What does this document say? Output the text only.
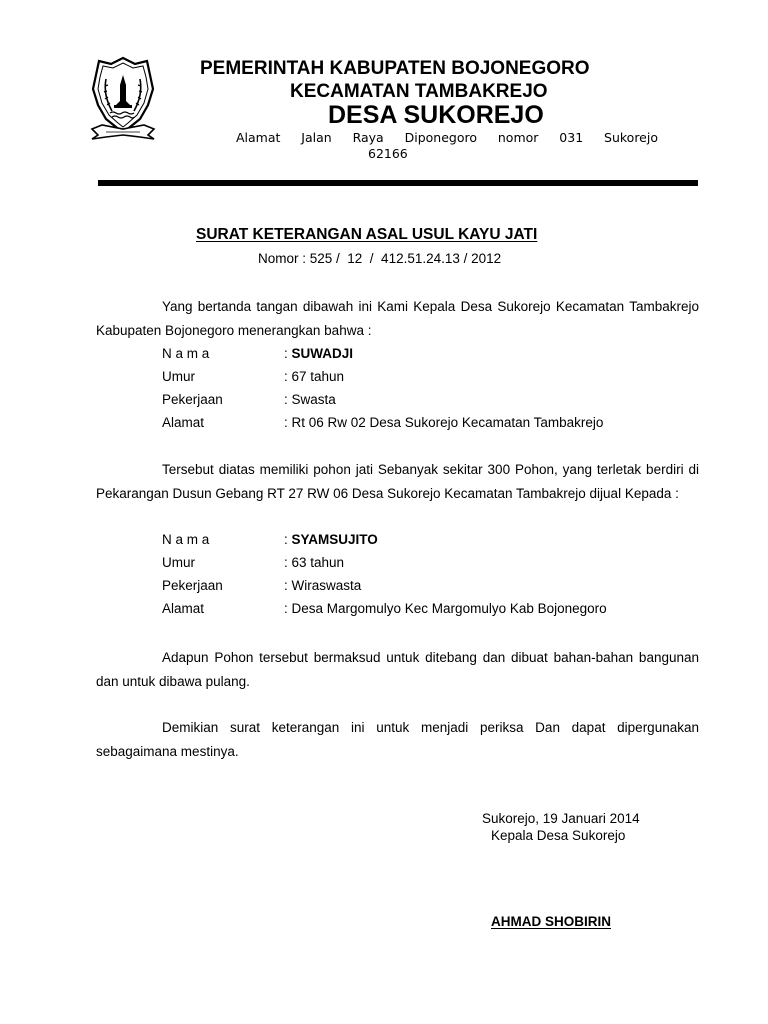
PEMERINTAH KABUPATEN BOJONEGORO
KECAMATAN TAMBAKREJO
DESA SUKOREJO
Alamat Jalan Raya Diponegoro nomor 031 Sukorejo
62166
SURAT KETERANGAN ASAL USUL KAYU JATI
Nomor : 525 /  12  /  412.51.24.13 / 2012
Yang bertanda tangan dibawah ini Kami Kepala Desa Sukorejo Kecamatan Tambakrejo Kabupaten Bojonegoro menerangkan bahwa :
N a m a	: SUWADJI
Umur	: 67 tahun
Pekerjaan	: Swasta
Alamat	: Rt 06 Rw 02 Desa Sukorejo Kecamatan Tambakrejo
Tersebut diatas memiliki pohon jati Sebanyak sekitar 300 Pohon, yang terletak berdiri di Pekarangan Dusun Gebang RT 27 RW 06 Desa Sukorejo Kecamatan Tambakrejo dijual Kepada :
N a m a	: SYAMSUJITO
Umur	: 63 tahun
Pekerjaan	: Wiraswasta
Alamat	: Desa Margomulyo Kec Margomulyo Kab Bojonegoro
Adapun Pohon tersebut bermaksud untuk ditebang dan dibuat bahan-bahan bangunan dan untuk dibawa pulang.
Demikian surat keterangan ini untuk menjadi periksa Dan dapat dipergunakan sebagaimana mestinya.
Sukorejo, 19 Januari 2014
Kepala Desa Sukorejo
AHMAD SHOBIRIN
